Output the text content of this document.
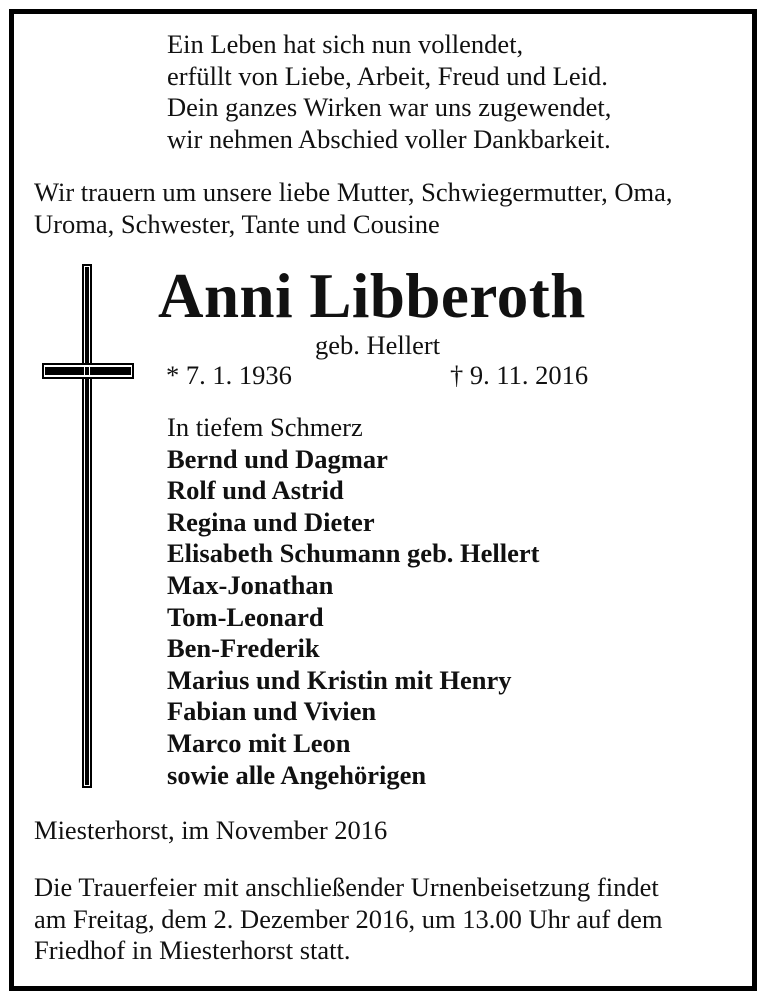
Ein Leben hat sich nun vollendet,
erfüllt von Liebe, Arbeit, Freud und Leid.
Dein ganzes Wirken war uns zugewendet,
wir nehmen Abschied voller Dankbarkeit.
Wir trauern um unsere liebe Mutter, Schwiegermutter, Oma,
Uroma, Schwester, Tante und Cousine
Anni Libberoth
geb. Hellert
* 7. 1. 1936	† 9. 11. 2016
In tiefem Schmerz
Bernd und Dagmar
Rolf und Astrid
Regina und Dieter
Elisabeth Schumann geb. Hellert
Max-Jonathan
Tom-Leonard
Ben-Frederik
Marius und Kristin mit Henry
Fabian und Vivien
Marco mit Leon
sowie alle Angehörigen
Miesterhorst, im November 2016
Die Trauerfeier mit anschließender Urnenbeisetzung findet
am Freitag, dem 2. Dezember 2016, um 13.00 Uhr auf dem
Friedhof in Miesterhorst statt.
